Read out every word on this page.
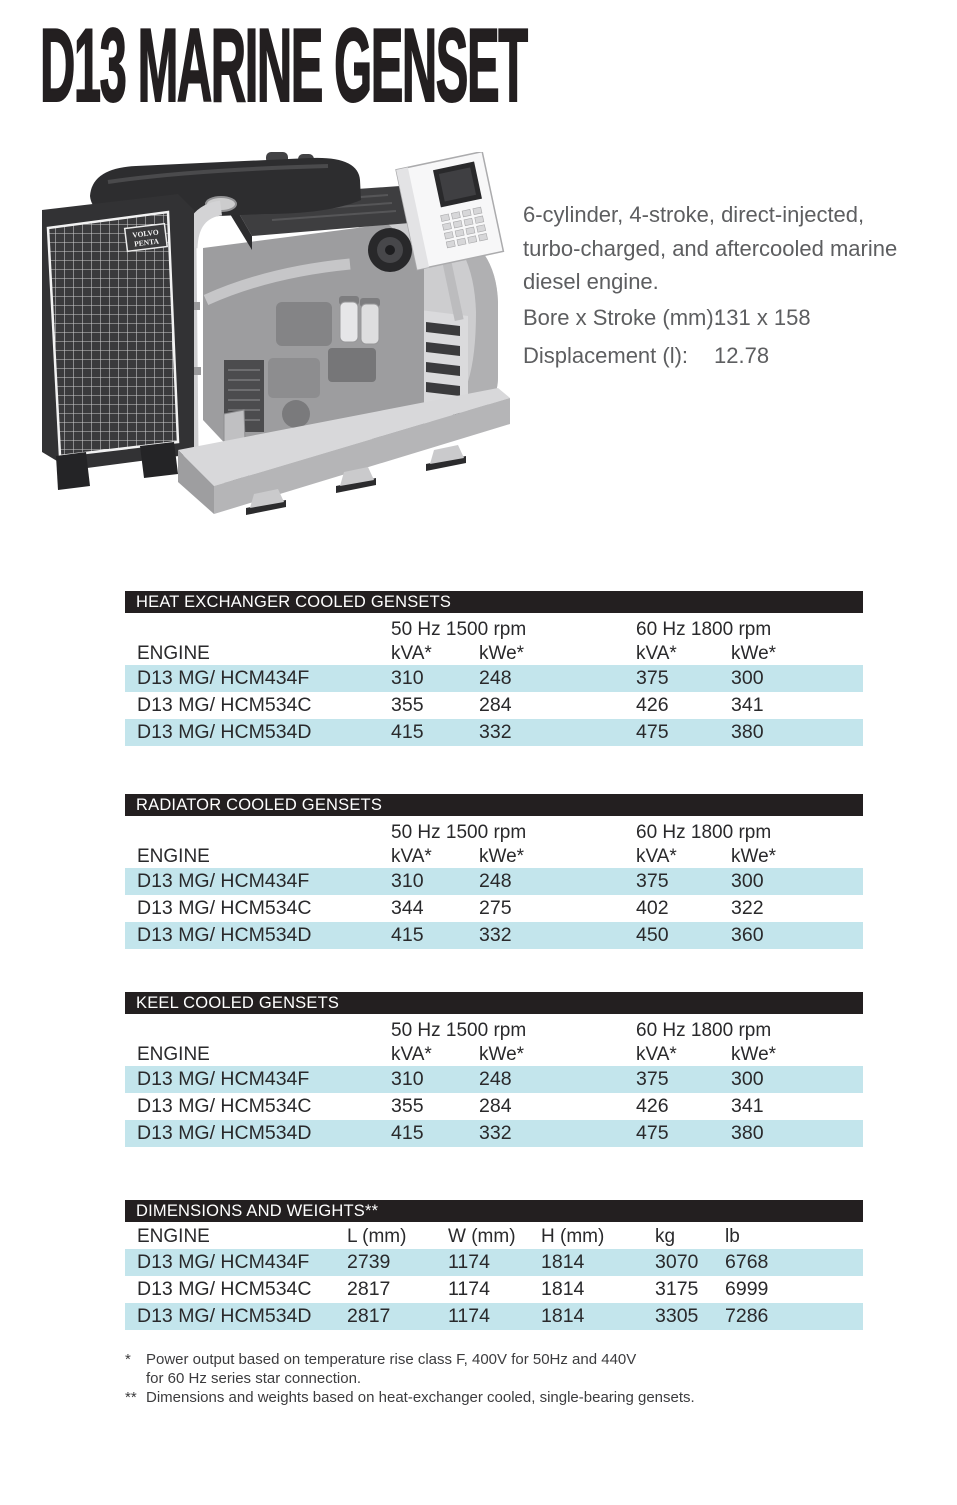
D13 MARINE GENSET
VOLVO
PENTA
6-cylinder, 4-stroke, direct-injected,
turbo-charged, and aftercooled marine
diesel engine.
Bore x Stroke (mm):
131 x 158
Displacement (l): 12.78
HEAT EXCHANGER COOLED GENSETS
50 Hz 1500 rpm	60 Hz 1800 rpm
ENGINE	kVA* kWe*	kVA*	kWe*
D13 MG/ HCM434F	310	248	375	300
D13 MG/ HCM534C	355	284	426	341
D13 MG/ HCM534D	415	332	475	380
RADIATOR COOLED GENSETS
50 Hz 1500 rpm	60 Hz 1800 rpm
ENGINE	kVA* kWe*	kVA*	kWe*
D13 MG/ HCM434F	310	248	375	300
D13 MG/ HCM534C	344	275	402	322
D13 MG/ HCM534D	415	332	450	360
KEEL COOLED GENSETS
50 Hz 1500 rpm	60 Hz 1800 rpm
ENGINE	kVA* kWe*	kVA*	kWe*
D13 MG/ HCM434F	310	248	375	300
D13 MG/ HCM534C	355	284	426	341
D13 MG/ HCM534D	415	332	475	380
DIMENSIONS AND WEIGHTS**
ENGINE	L (mm) W (mm) H (mm)	kg	lb
D13 MG/ HCM434F 2739	1174	1814	3070 6768
D13 MG/ HCM534C 2817	1174	1814	3175 6999
D13 MG/ HCM534D 2817	1174	1814	3305 7286
*	Power output based on temperature rise class F, 400V for 50Hz and 440V
for 60 Hz series star connection.
** Dimensions and weights based on heat-exchanger cooled, single-bearing gensets.
